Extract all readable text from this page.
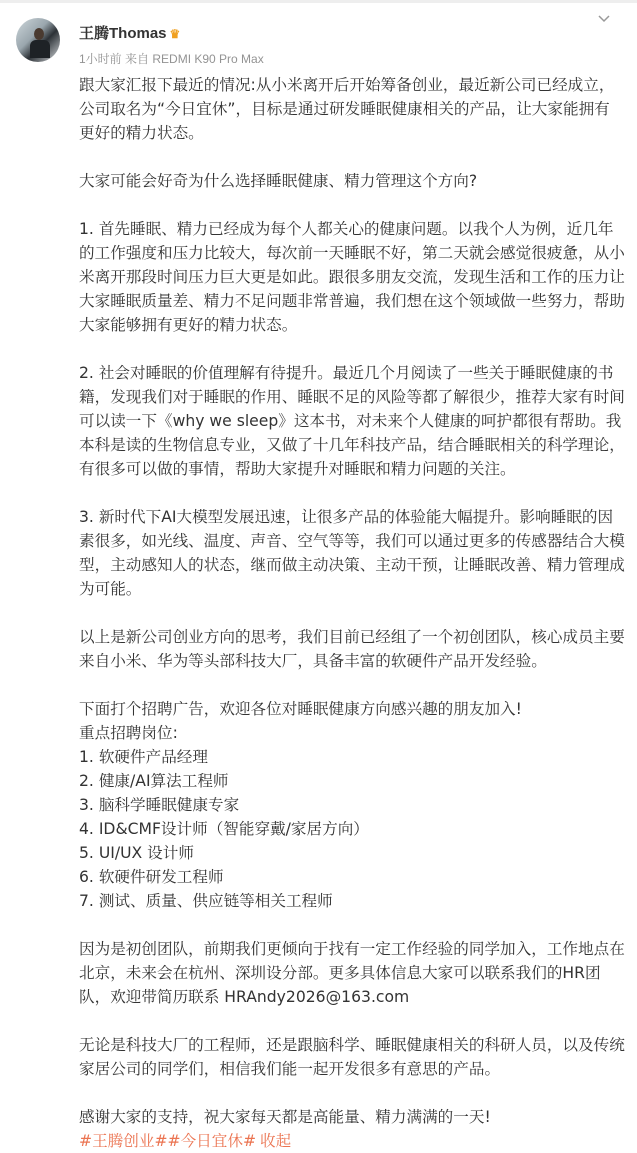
王腾Thomas ♛
1小时前 来自 REDMI K90 Pro Max

跟大家汇报下最近的情况:从小米离开后开始筹备创业，最近新公司已经成立，公司取名为“今日宜休”，目标是通过研发睡眠健康相关的产品，让大家能拥有更好的精力状态。

大家可能会好奇为什么选择睡眠健康、精力管理这个方向?

1. 首先睡眠、精力已经成为每个人都关心的健康问题。以我个人为例，近几年的工作强度和压力比较大，每次前一天睡眠不好，第二天就会感觉很疲惫，从小米离开那段时间压力巨大更是如此。跟很多朋友交流，发现生活和工作的压力让大家睡眠质量差、精力不足问题非常普遍，我们想在这个领域做一些努力，帮助大家能够拥有更好的精力状态。

2. 社会对睡眠的价值理解有待提升。最近几个月阅读了一些关于睡眠健康的书籍，发现我们对于睡眠的作用、睡眠不足的风险等都了解很少，推荐大家有时间可以读一下《why we sleep》这本书，对未来个人健康的呵护都很有帮助。我本科是读的生物信息专业，又做了十几年科技产品，结合睡眠相关的科学理论，有很多可以做的事情，帮助大家提升对睡眠和精力问题的关注。

3. 新时代下AI大模型发展迅速，让很多产品的体验能大幅提升。影响睡眠的因素很多，如光线、温度、声音、空气等等，我们可以通过更多的传感器结合大模型，主动感知人的状态，继而做主动决策、主动干预，让睡眠改善、精力管理成为可能。

以上是新公司创业方向的思考，我们目前已经组了一个初创团队，核心成员主要来自小米、华为等头部科技大厂，具备丰富的软硬件产品开发经验。

下面打个招聘广告，欢迎各位对睡眠健康方向感兴趣的朋友加入!

重点招聘岗位:

1. 软硬件产品经理

2. 健康/AI算法工程师

3. 脑科学睡眠健康专家

4. ID&CMF设计师（智能穿戴/家居方向）

5. UI/UX 设计师

6. 软硬件研发工程师

7. 测试、质量、供应链等相关工程师

因为是初创团队，前期我们更倾向于找有一定工作经验的同学加入，工作地点在北京，未来会在杭州、深圳设分部。更多具体信息大家可以联系我们的HR团队，欢迎带简历联系 HRAndy2026@163.com

无论是科技大厂的工程师，还是跟脑科学、睡眠健康相关的科研人员，以及传统家居公司的同学们，相信我们能一起开发很多有意思的产品。

感谢大家的支持，祝大家每天都是高能量、精力满满的一天!

#王腾创业##今日宜休# 收起
